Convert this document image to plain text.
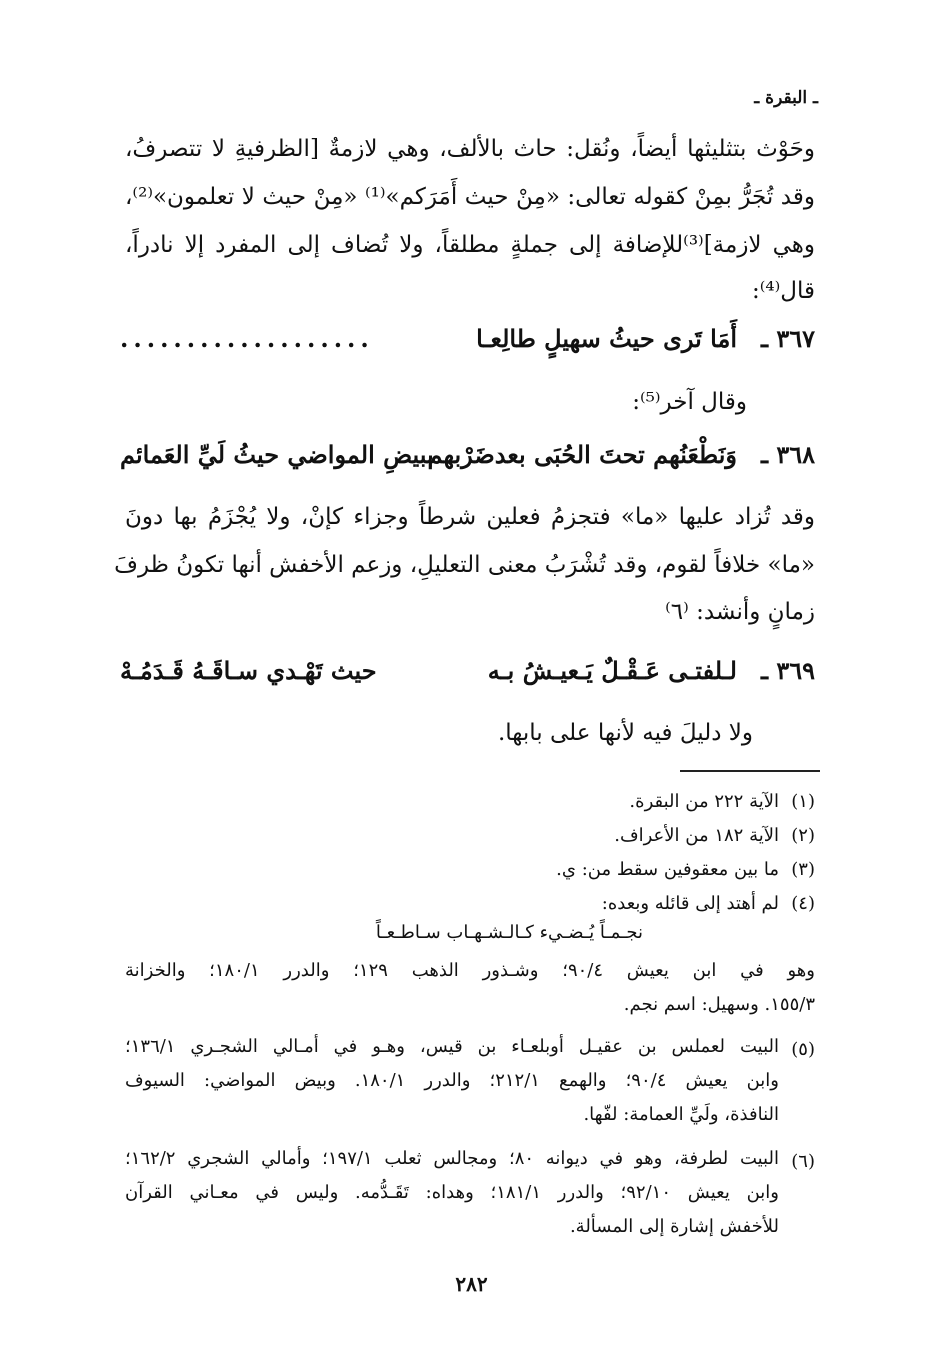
ـ البقرة ـ
وحَوْث بتثليثها أيضاً، ونُقل: حاث بالألف، وهي لازمةٌ [الظرفيةِ لا تتصرفُ،
وقد تُجَرُّ بمِنْ كقوله تعالى: «مِنْ حيث أَمَرَكم»⁽¹⁾ «مِنْ حيث لا تعلمون»⁽²⁾،
وهي لازمة]⁽³⁾للإضافة إلى جملةٍ مطلقاً، ولا تُضاف إلى المفرد إلا نادراً،
قال⁽⁴⁾:
٣٦٧ ـ
أَمَا تَرى حيثُ سهيلٍ طالِعـا
...................
وقال آخر⁽⁵⁾:
٣٦٨ ـ
وَنَطْعَنُهم تحتَ الحُبَى بعدضَرْبهم
ببيضِ المواضي حيثُ لَيِّ العَمائم
وقد تُزاد عليها «ما» فتجزمُ فعلين شرطاً وجزاء كإنْ، ولا يُجْزَمُ بها دونَ
«ما» خلافاً لقوم، وقد تُشْرَبُ معنى التعليلِ، وزعم الأخفش أنها تكونُ ظرفَ
زمانٍ وأنشد: ⁽٦⁾
٣٦٩ ـ
لـلفتـى عَـقْـلٌ يَـعيـشُ بـه
حيث تَهْـدي سـاقَـهُ قَـدَمُـهْ
ولا دليلَ فيه لأنها على بابها.
(١)
الآية ٢٢٢ من البقرة.
(٢)
الآية ١٨٢ من الأعراف.
(٣)
ما بين معقوفين سقط من: ي.
(٤)
لم أهتد إلى قائله وبعده:
نجـمـاً يُـضـيء كـالـشـهـاب سـاطـعـاً
وهو في ابن يعيش ٩٠/٤؛ وشـذور الذهب ١٢٩؛ والدرر ١٨٠/١؛ والخزانة
١٥٥/٣. وسهيل: اسم نجم.
(٥)
البيت لعملس بن عقيـل أوبلعـاء بن قيس، وهـو في أمـالي الشجـري ١٣٦/١؛
وابن يعيش ٩٠/٤؛ والهمع ٢١٢/١؛ والدرر ١٨٠/١. وبيض المواضي: السيوف
النافذة، ولَيِّ العمامة: لفّها.
(٦)
البيت لطرفة، وهو في ديوانه ٨٠؛ ومجالس ثعلب ١٩٧/١؛ وأمالي الشجري ١٦٢/٢؛
وابن يعيش ٩٢/١٠؛ والدرر ١٨١/١؛ وهداه: تَقَـدُّمه. وليس في معـاني القرآن
للأخفش إشارة إلى المسألة.
٢٨٢
